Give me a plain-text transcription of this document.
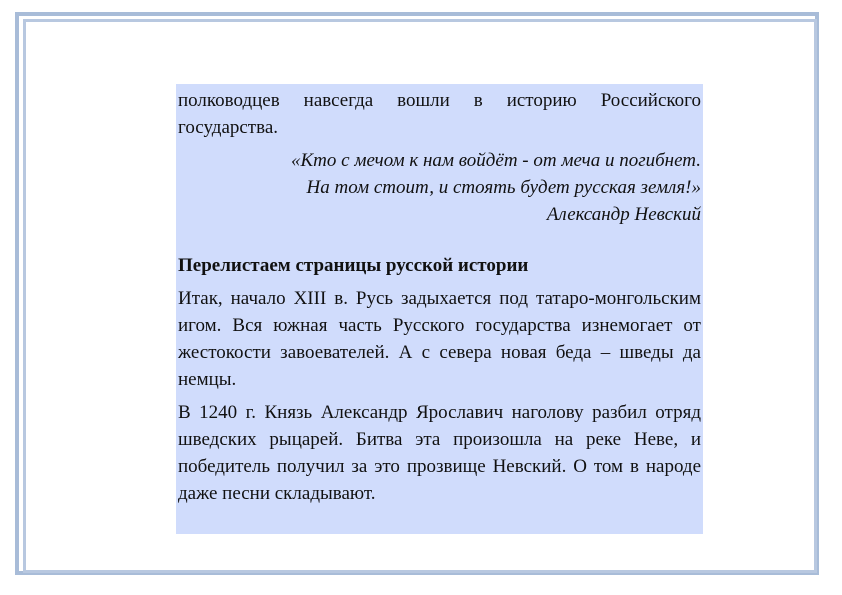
полководцев навсегда вошли в историю Российского государства.

«Кто с мечом к нам войдёт - от меча и погибнет.
На том стоит, и стоять будет русская земля!»
Александр Невский

Перелистаем страницы русской истории

Итак, начало XIII в. Русь задыхается под татаро-монгольским игом. Вся южная часть Русского государства изнемогает от жестокости завоевателей. А с севера новая беда – шведы да немцы.

В 1240 г. Князь Александр Ярославич наголову разбил отряд шведских рыцарей. Битва эта произошла на реке Неве, и победитель получил за это прозвище Невский. О том в народе даже песни складывают.
